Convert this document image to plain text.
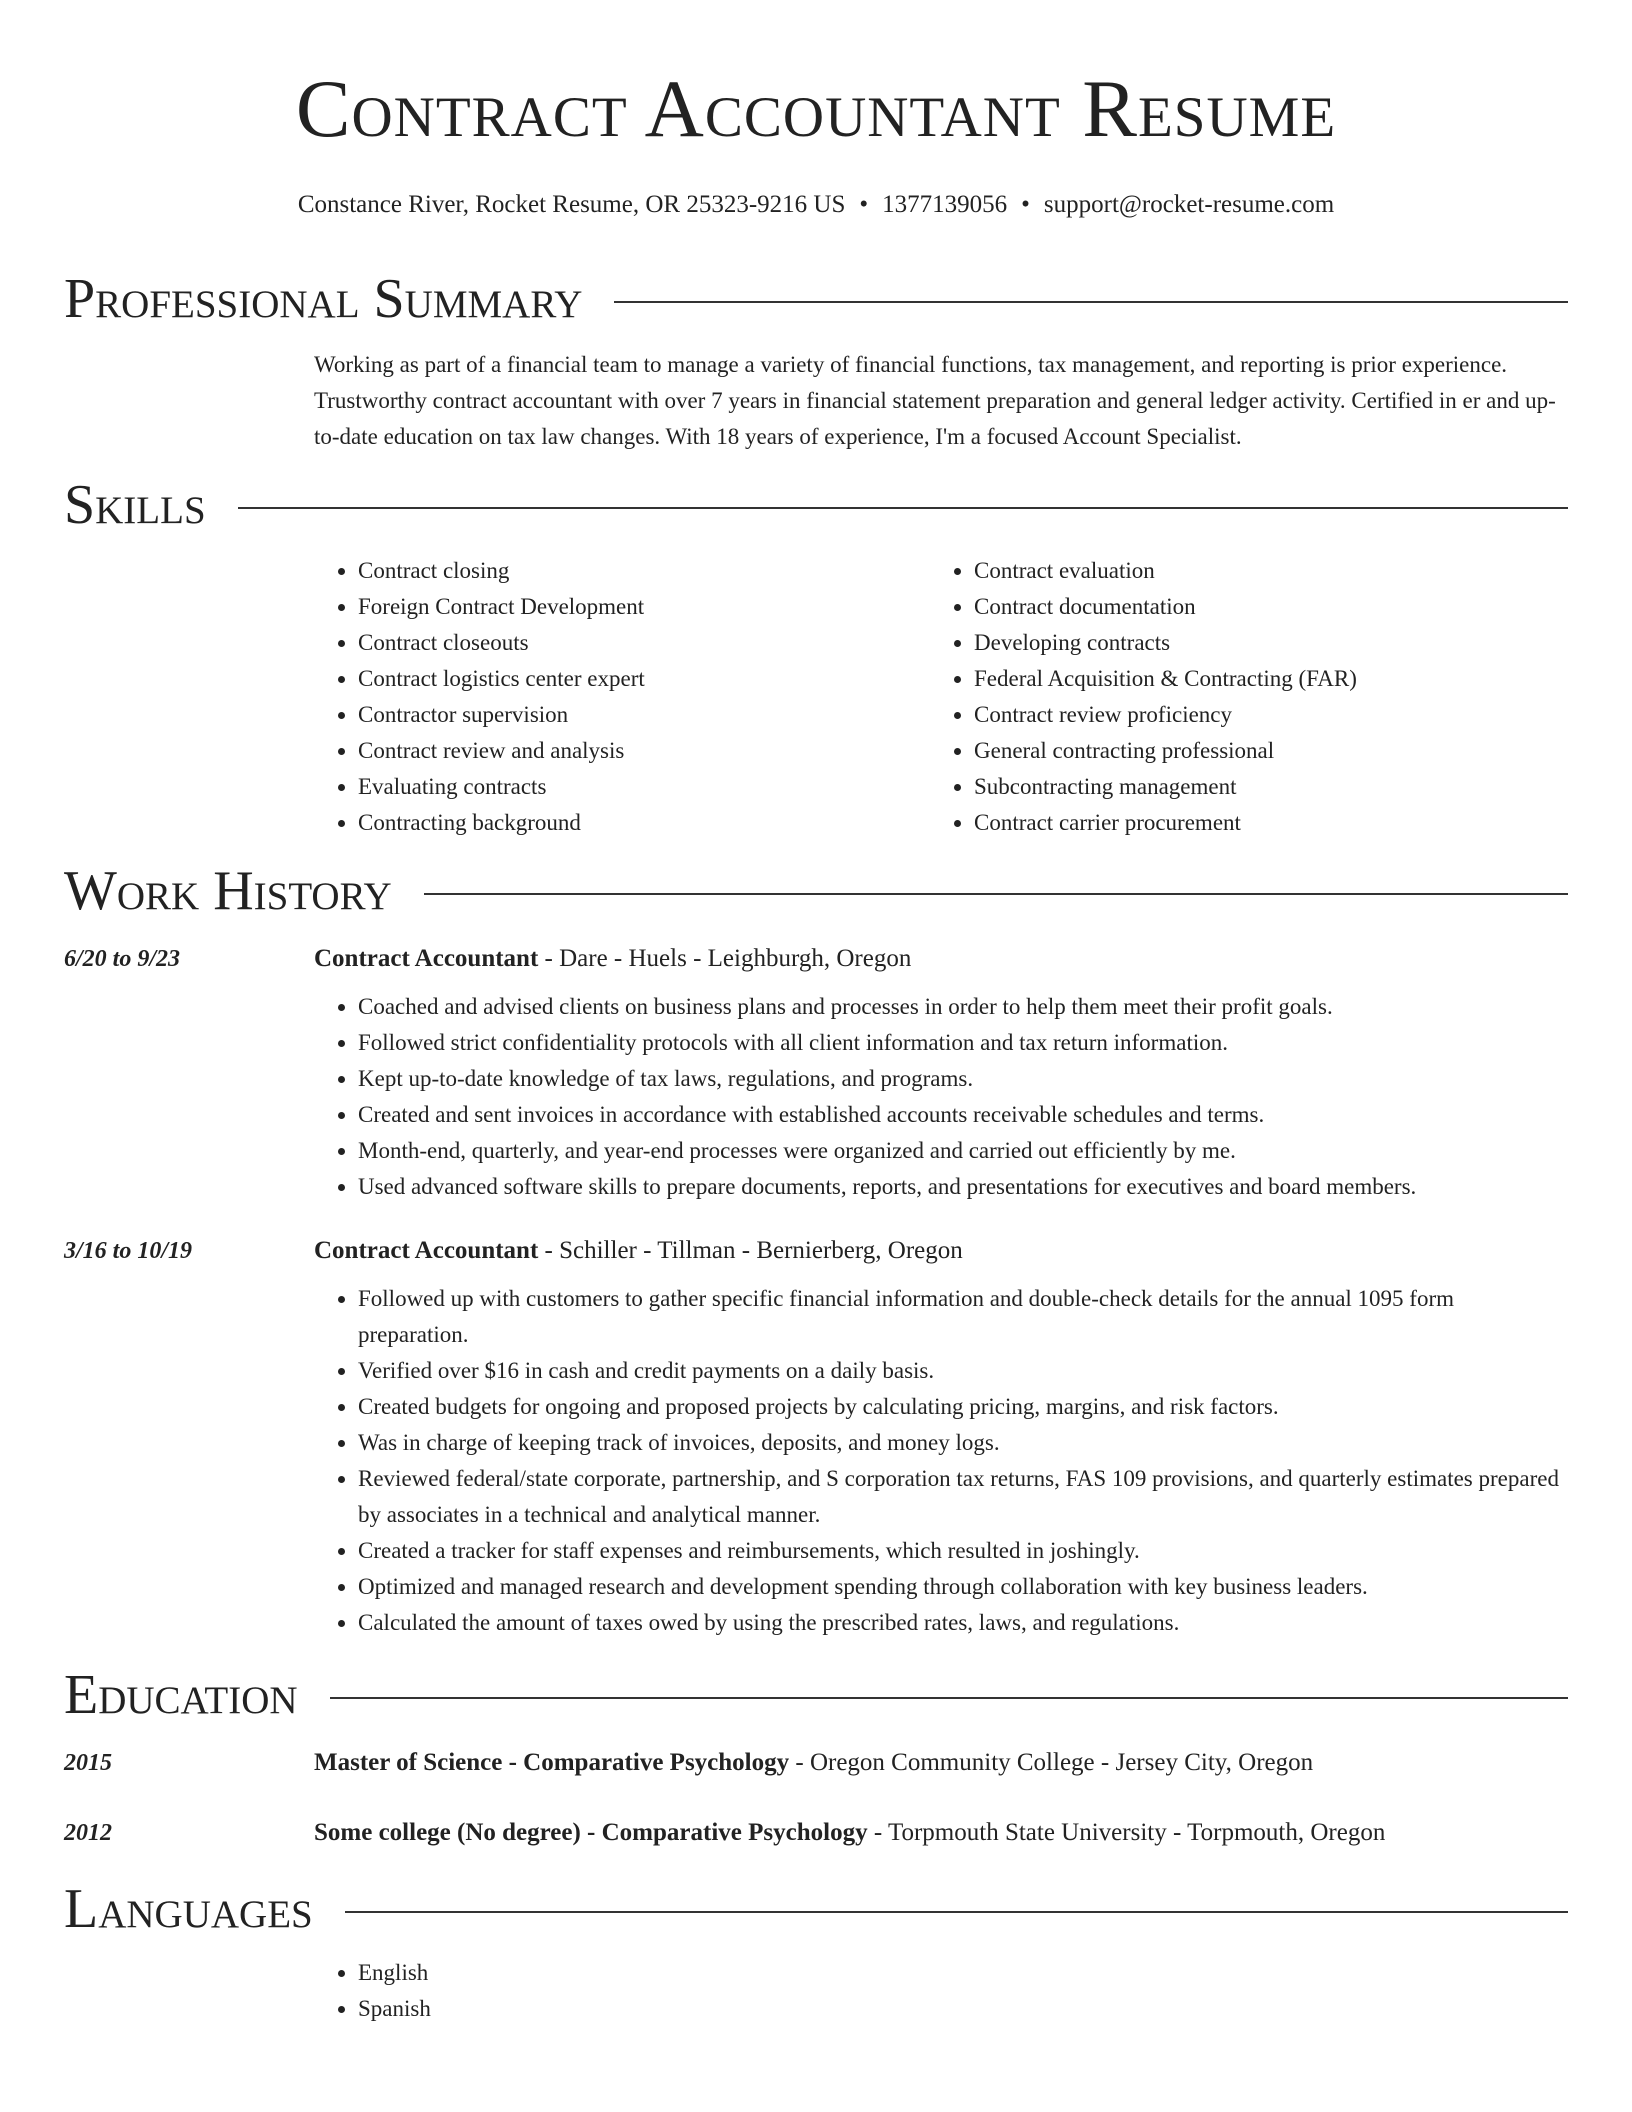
Contract Accountant Resume
Constance River, Rocket Resume, OR 25323-9216 US • 1377139056 • support@rocket-resume.com
Professional Summary
Working as part of a financial team to manage a variety of financial functions, tax management, and reporting is prior experience. Trustworthy contract accountant with over 7 years in financial statement preparation and general ledger activity. Certified in er and up-to-date education on tax law changes. With 18 years of experience, I'm a focused Account Specialist.
Skills
• Contract closing
• Foreign Contract Development
• Contract closeouts
• Contract logistics center expert
• Contractor supervision
• Contract review and analysis
• Evaluating contracts
• Contracting background
• Contract evaluation
• Contract documentation
• Developing contracts
• Federal Acquisition & Contracting (FAR)
• Contract review proficiency
• General contracting professional
• Subcontracting management
• Contract carrier procurement
Work History
6/20 to 9/23	Contract Accountant - Dare - Huels - Leighburgh, Oregon
• Coached and advised clients on business plans and processes in order to help them meet their profit goals.
• Followed strict confidentiality protocols with all client information and tax return information.
• Kept up-to-date knowledge of tax laws, regulations, and programs.
• Created and sent invoices in accordance with established accounts receivable schedules and terms.
• Month-end, quarterly, and year-end processes were organized and carried out efficiently by me.
• Used advanced software skills to prepare documents, reports, and presentations for executives and board members.
3/16 to 10/19	Contract Accountant - Schiller - Tillman - Bernierberg, Oregon
• Followed up with customers to gather specific financial information and double-check details for the annual 1095 form preparation.
• Verified over $16 in cash and credit payments on a daily basis.
• Created budgets for ongoing and proposed projects by calculating pricing, margins, and risk factors.
• Was in charge of keeping track of invoices, deposits, and money logs.
• Reviewed federal/state corporate, partnership, and S corporation tax returns, FAS 109 provisions, and quarterly estimates prepared by associates in a technical and analytical manner.
• Created a tracker for staff expenses and reimbursements, which resulted in joshingly.
• Optimized and managed research and development spending through collaboration with key business leaders.
• Calculated the amount of taxes owed by using the prescribed rates, laws, and regulations.
Education
2015	Master of Science - Comparative Psychology - Oregon Community College - Jersey City, Oregon
2012	Some college (No degree) - Comparative Psychology - Torpmouth State University - Torpmouth, Oregon
Languages
• English
• Spanish
